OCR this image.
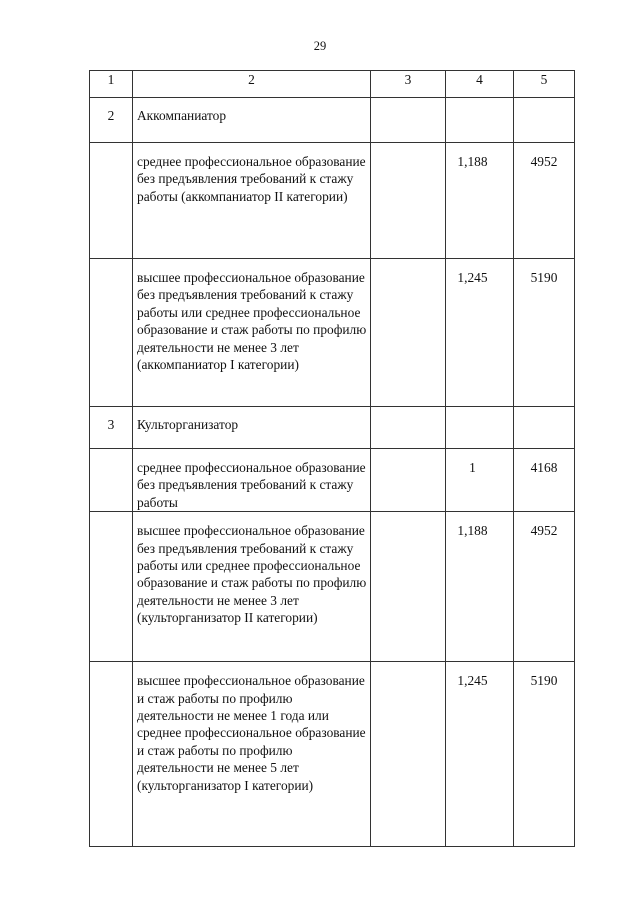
29
1	2	3	4	5
2	Аккомпаниатор			
	среднее профессиональное образование без предъявления требований к стажу работы (аккомпаниатор II категории)		1,188	4952
	высшее профессиональное образование без предъявления требований к стажу работы или среднее профессиональное образование и стаж работы по профилю деятельности не менее 3 лет (аккомпаниатор I категории)		1,245	5190
3	Культорганизатор			
	среднее профессиональное образование без предъявления требований к стажу работы		1	4168
	высшее профессиональное образование без предъявления требований к стажу работы или среднее профессиональное образование и стаж работы по профилю деятельности не менее 3 лет (культорганизатор II категории)		1,188	4952
	высшее профессиональное образование и стаж работы по профилю деятельности не менее 1 года или среднее профессиональное образование и стаж работы по профилю деятельности не менее 5 лет (культорганизатор I категории)		1,245	5190
